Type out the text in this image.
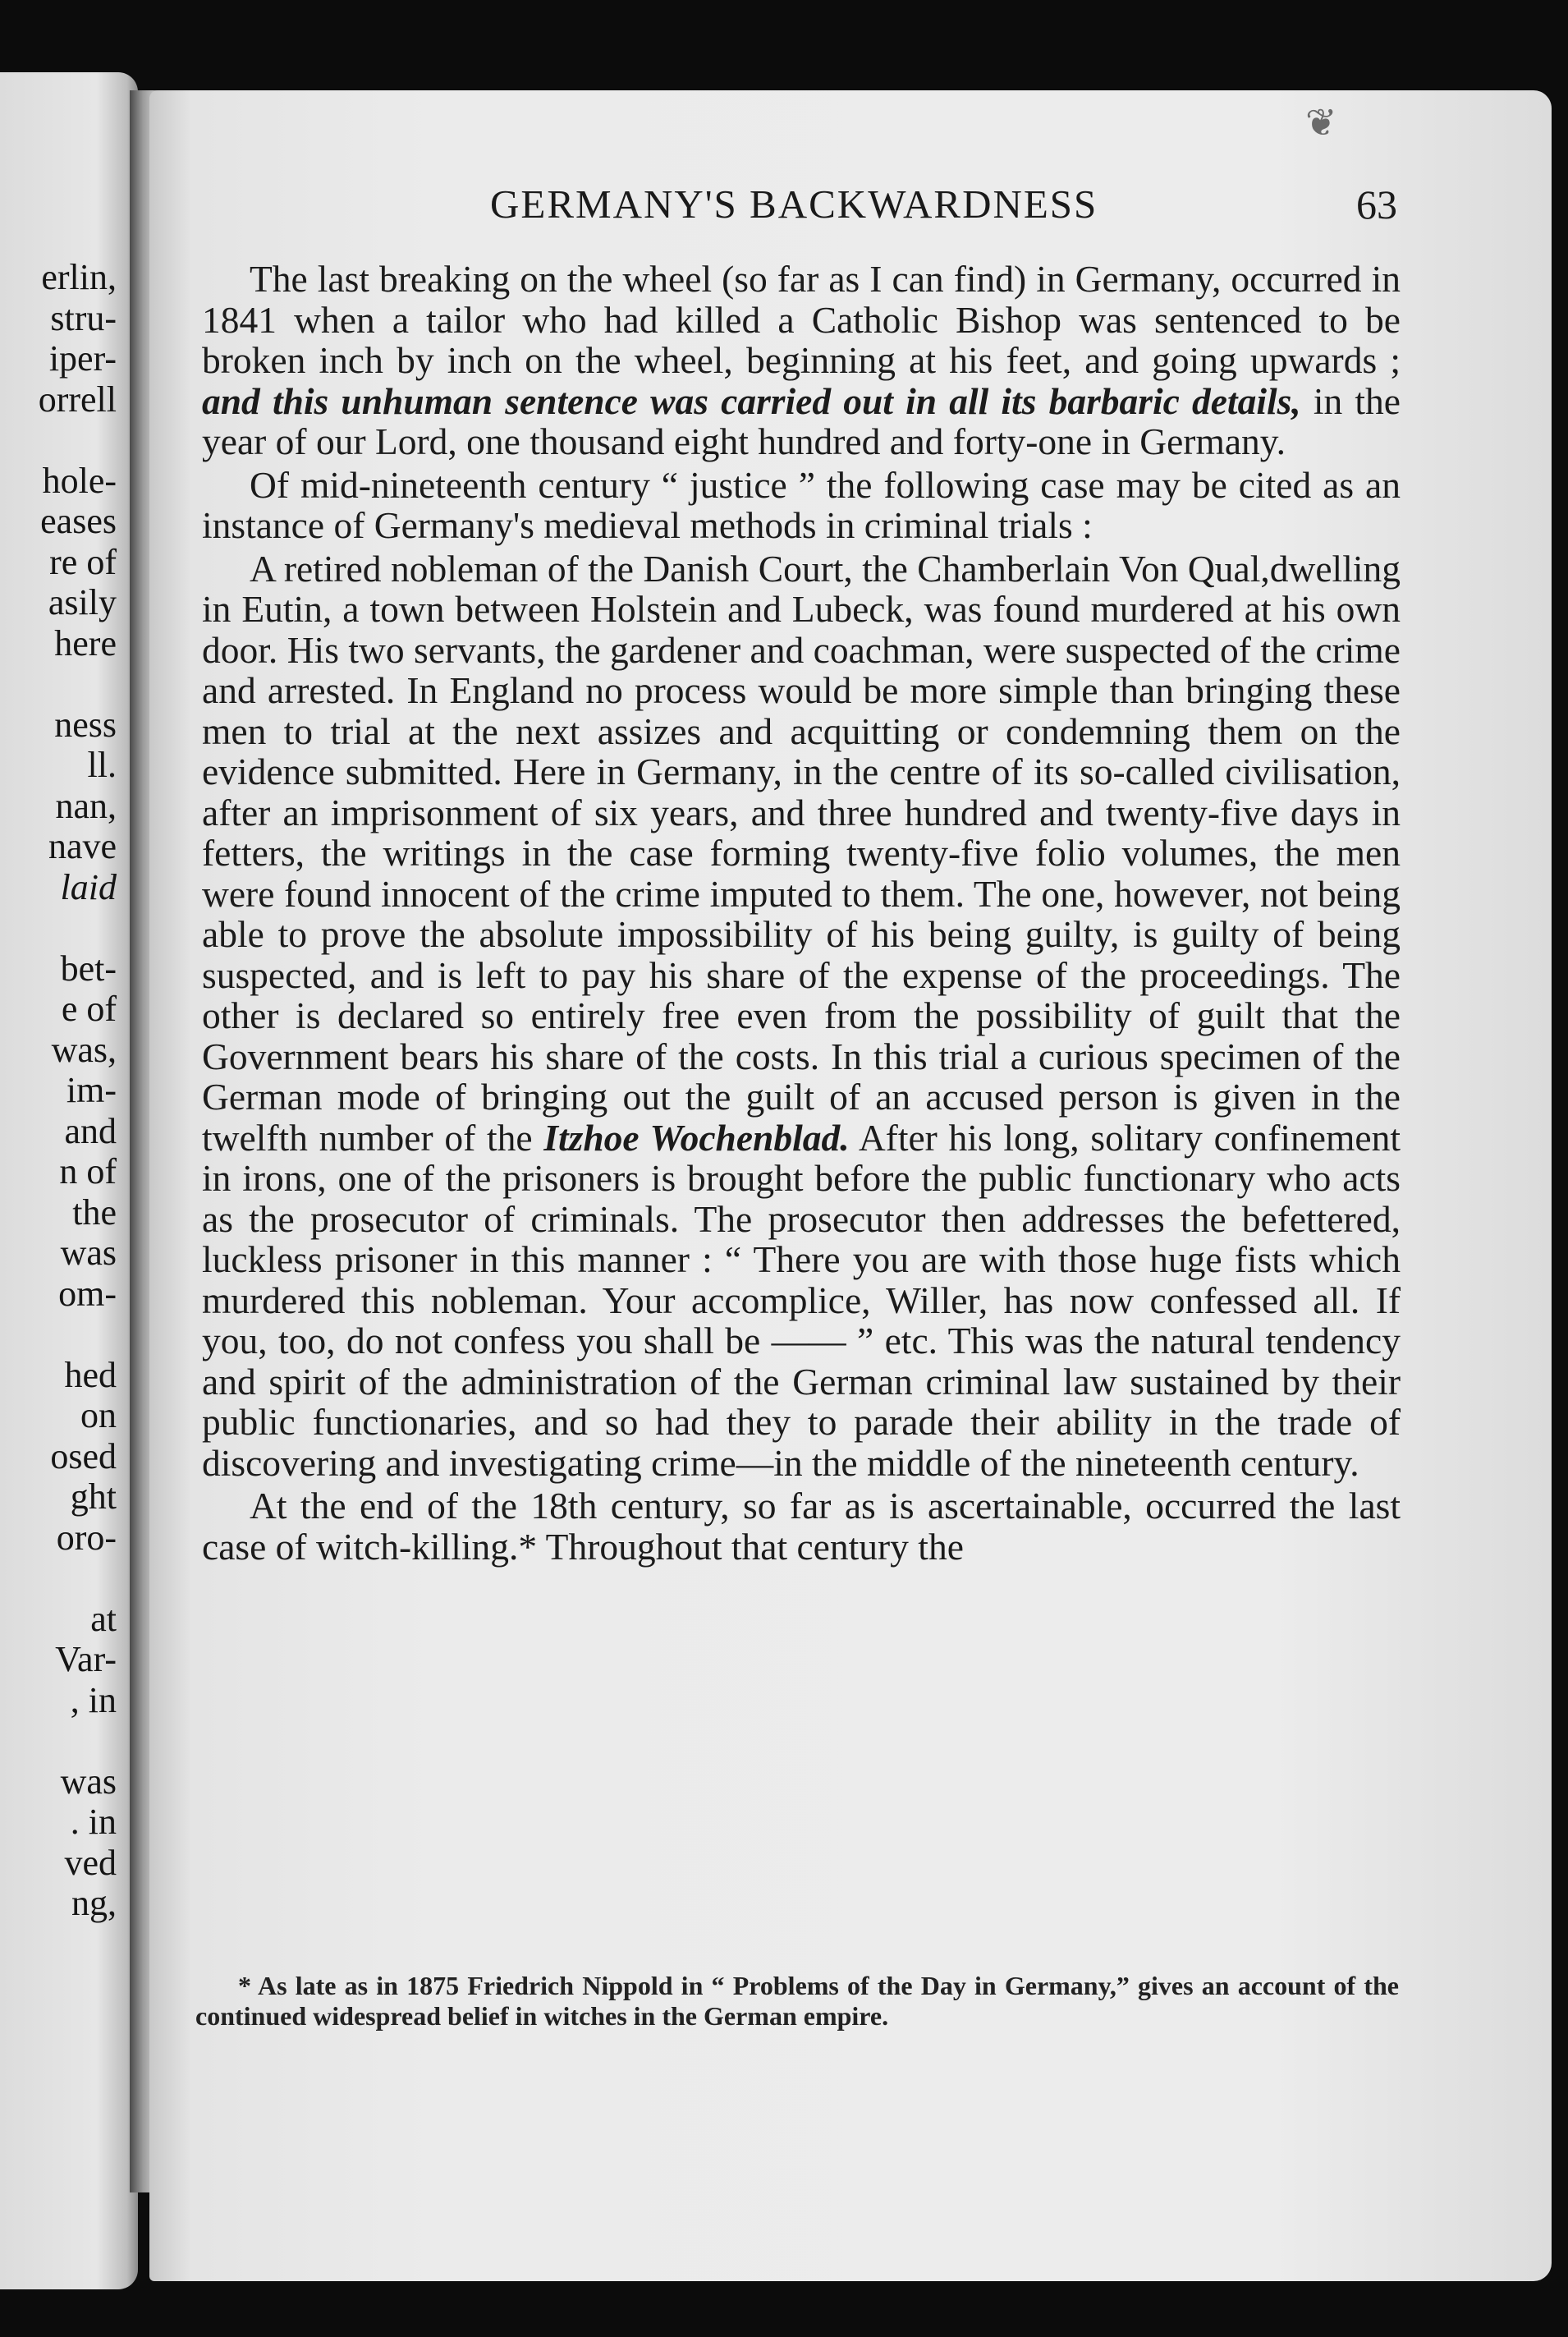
erlin,
stru-
iper-
orrell
hole-
eases
re of
asily
here
ness
ll.
nan,
nave
laid
bet-
e of
was,
im-
and
n of
the
was
om-
hed
on
osed
ght
oro-
at
Var-
, in
was
. in
ved
ng,
❦
GERMANY'S BACKWARDNESS	63

The last breaking on the wheel (so far as I can find) in Germany, occurred in 1841 when a tailor who had killed a Catholic Bishop was sentenced to be broken inch by inch on the wheel, beginning at his feet, and going upwards ; and this unhuman sentence was carried out in all its barbaric details, in the year of our Lord, one thousand eight hundred and forty-one in Germany.

Of mid-nineteenth century “ justice ” the following case may be cited as an instance of Germany's medieval methods in criminal trials :

A retired nobleman of the Danish Court, the Chamberlain Von Qual,dwelling in Eutin, a town between Holstein and Lubeck, was found murdered at his own door. His two servants, the gardener and coachman, were suspected of the crime and arrested. In England no process would be more simple than bringing these men to trial at the next assizes and acquitting or condemning them on the evidence submitted. Here in Germany, in the centre of its so-called civilisation, after an imprisonment of six years, and three hundred and twenty-five days in fetters, the writings in the case forming twenty-five folio volumes, the men were found innocent of the crime imputed to them. The one, however, not being able to prove the absolute impossibility of his being guilty, is guilty of being suspected, and is left to pay his share of the expense of the proceedings. The other is declared so entirely free even from the possibility of guilt that the Government bears his share of the costs. In this trial a curious specimen of the German mode of bringing out the guilt of an accused person is given in the twelfth number of the Itzhoe Wochenblad. After his long, solitary confinement in irons, one of the prisoners is brought before the public functionary who acts as the prosecutor of criminals. The prosecutor then addresses the befettered, luckless prisoner in this manner : “ There you are with those huge fists which murdered this nobleman. Your accomplice, Willer, has now confessed all. If you, too, do not confess you shall be —— ” etc. This was the natural tendency and spirit of the administration of the German criminal law sustained by their public functionaries, and so had they to parade their ability in the trade of discovering and investigating crime—in the middle of the nineteenth century.

At the end of the 18th century, so far as is ascertainable, occurred the last case of witch-killing.* Throughout that century the

* As late as in 1875 Friedrich Nippold in “ Problems of the Day in Germany,” gives an account of the continued widespread belief in witches in the German empire.
